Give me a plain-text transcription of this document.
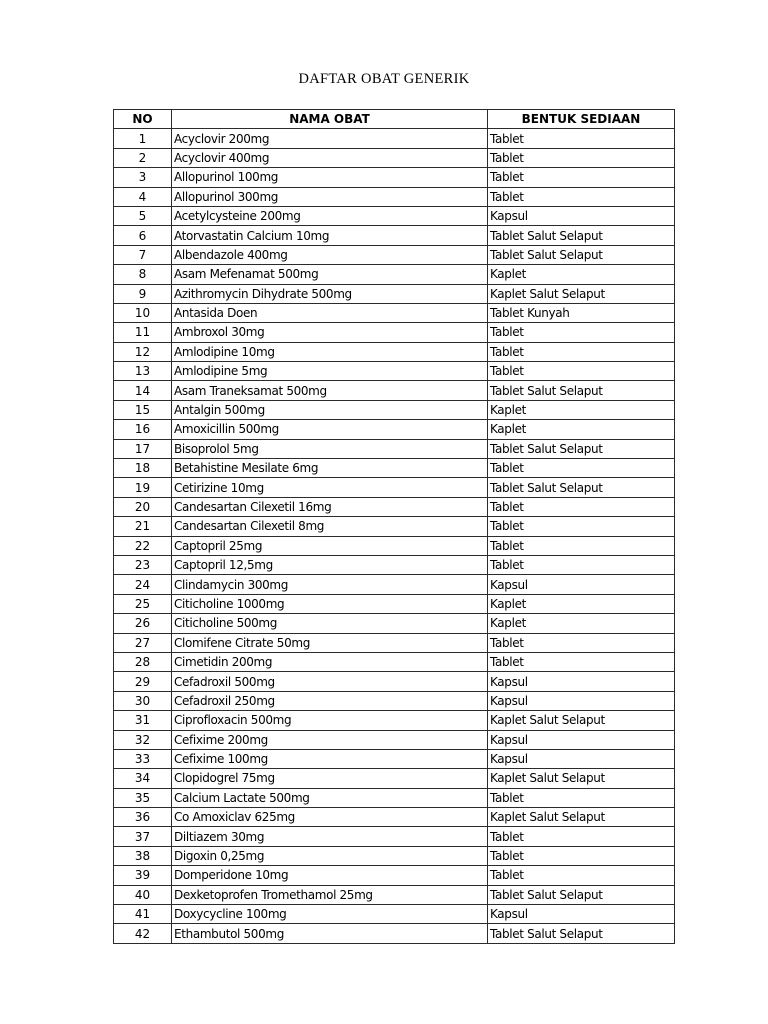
DAFTAR OBAT GENERIK
NO	NAMA OBAT	BENTUK SEDIAAN
1	Acyclovir 200mg	Tablet
2	Acyclovir 400mg	Tablet
3	Allopurinol 100mg	Tablet
4	Allopurinol 300mg	Tablet
5	Acetylcysteine 200mg	Kapsul
6	Atorvastatin Calcium 10mg	Tablet Salut Selaput
7	Albendazole 400mg	Tablet Salut Selaput
8	Asam Mefenamat 500mg	Kaplet
9	Azithromycin Dihydrate 500mg	Kaplet Salut Selaput
10	Antasida Doen	Tablet Kunyah
11	Ambroxol 30mg	Tablet
12	Amlodipine 10mg	Tablet
13	Amlodipine 5mg	Tablet
14	Asam Traneksamat 500mg	Tablet Salut Selaput
15	Antalgin 500mg	Kaplet
16	Amoxicillin 500mg	Kaplet
17	Bisoprolol 5mg	Tablet Salut Selaput
18	Betahistine Mesilate 6mg	Tablet
19	Cetirizine 10mg	Tablet Salut Selaput
20	Candesartan Cilexetil 16mg	Tablet
21	Candesartan Cilexetil 8mg	Tablet
22	Captopril 25mg	Tablet
23	Captopril 12,5mg	Tablet
24	Clindamycin 300mg	Kapsul
25	Citicholine 1000mg	Kaplet
26	Citicholine 500mg	Kaplet
27	Clomifene Citrate 50mg	Tablet
28	Cimetidin 200mg	Tablet
29	Cefadroxil 500mg	Kapsul
30	Cefadroxil 250mg	Kapsul
31	Ciprofloxacin 500mg	Kaplet Salut Selaput
32	Cefixime 200mg	Kapsul
33	Cefixime 100mg	Kapsul
34	Clopidogrel 75mg	Kaplet Salut Selaput
35	Calcium Lactate 500mg	Tablet
36	Co Amoxiclav 625mg	Kaplet Salut Selaput
37	Diltiazem 30mg	Tablet
38	Digoxin 0,25mg	Tablet
39	Domperidone 10mg	Tablet
40	Dexketoprofen Tromethamol 25mg	Tablet Salut Selaput
41	Doxycycline 100mg	Kapsul
42	Ethambutol 500mg	Tablet Salut Selaput
